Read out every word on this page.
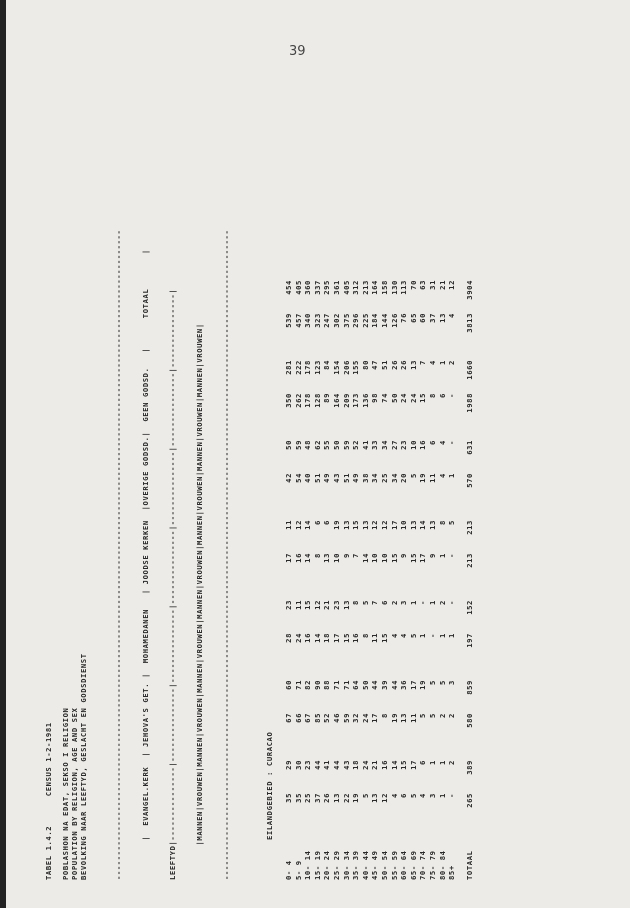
39
TABEL 1.4.2      CENSUS 1-2-1981 POBLASHON NA EDAT, SEKSO I RELIGION POPULATION BY RELIGION, AGE AND SEX BEVOLKING NAAR LEEFTYD, GESLACHT EN GODSDIENST

	------------------------------------------------------------------------------------------------------------------------------------

	|  EVANGEL.KERK  | JEHOVA'S GET. |  MOHAMEDANEN   | JOODSE KERKEN  |OVERIGE GODSD.|  GEEN GODSD.   |      TOTAAL       |

LEEFTYD|---------------|---------------|---------------|---------------|---------------|---------------|---------------|

	|MANNEN|VROUWEN|MANNEN|VROUWEN|MANNEN|VROUWEN|MANNEN|VROUWEN|MANNEN|VROUWEN|MANNEN|VROUWEN|MANNEN|VROUWEN|

	------------------------------------------------------------------------------------------------------------------------------------

	EILANDGEBIED : CURACAO
0- 4		35	29		67	60		28	23		17	11		42	50		350	281		539	454
5- 9		35	30		66	71		24	11		16	12		54	59		262	222		457	405
10- 14		25	23		67	82		16	15		14	14		40	48		178	178		340	360
15- 19		37	44		85	90		14	12		8	6		51	62		128	123		323	337
20- 24		26	41		52	88		18	21		13	6		49	55		89	84		247	295
25- 29		13	44		46	71		17	23		10	19		43	50		164	154		302	361
30- 34		22	43		59	71		15	13		9	13		51	59		209	206		375	405
35- 39		19	18		32	64		16	8		7	15		49	52		173	155		296	312
40- 44		5	24		24	50		8	5		14	13		38	41		136	80		225	213
45- 49		13	21		17	44		11	7		10	12		34	33		98	47		184	164
50- 54		12	16		8	39		15	6		10	12		25	34		74	51		144	158
55- 59		4	14		19	44		4	2		15	17		34	27		50	26		126	130
60- 64		6	15		13	36		4	3		9	10		20	23		24	26		76	113
65- 69		5	17		11	17		5	1		15	13		5	10		24	13		65	70
70- 74		4	6		5	19		1	-		17	14		19	16		15	7		60	63
75- 79		3	1		5	5		-	1		9	13		11	6		8	4		37	31
80- 84		1	1		2	5		1	2		1	8		4	4		6	1		13	21
85+		-	2		2	3		1	-		-	5		1	-		-	2		4	12
TOTAAL		265	389		580	859		197	152		213	213		570	631		1988	1660		3813	3904
